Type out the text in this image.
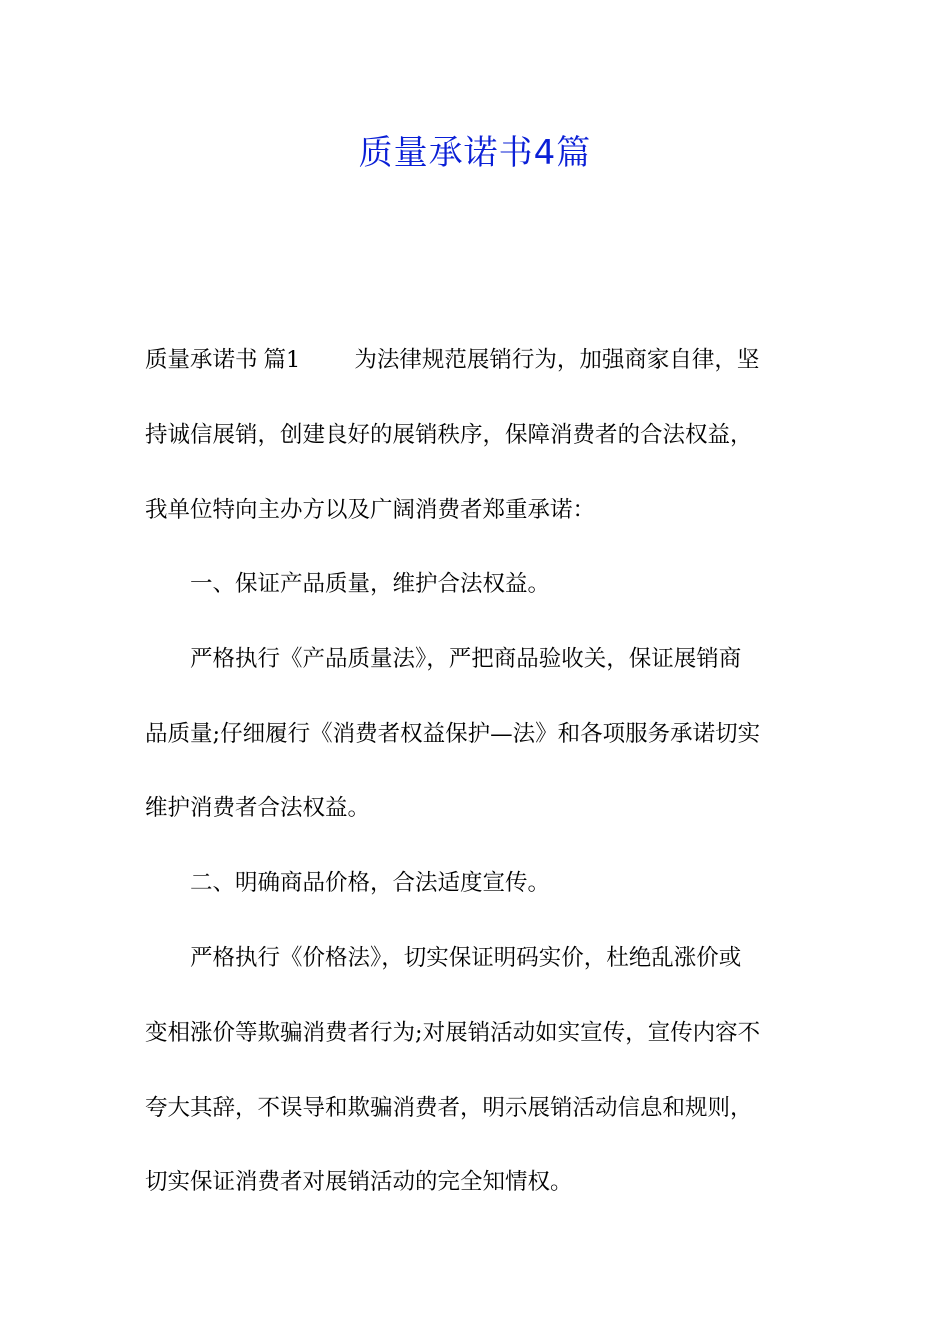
质量承诺书4篇

质量承诺书 篇1 为法律规范展销行为，加强商家自律，坚

持诚信展销，创建良好的展销秩序，保障消费者的合法权益，

我单位特向主办方以及广阔消费者郑重承诺：

一、保证产品质量，维护合法权益。

严格执行《产品质量法》，严把商品验收关，保证展销商

品质量;仔细履行《消费者权益保护—法》和各项服务承诺切实

维护消费者合法权益。

二、明确商品价格，合法适度宣传。

严格执行《价格法》，切实保证明码实价，杜绝乱涨价或

变相涨价等欺骗消费者行为;对展销活动如实宣传，宣传内容不

夸大其辞，不误导和欺骗消费者，明示展销活动信息和规则，

切实保证消费者对展销活动的完全知情权。
